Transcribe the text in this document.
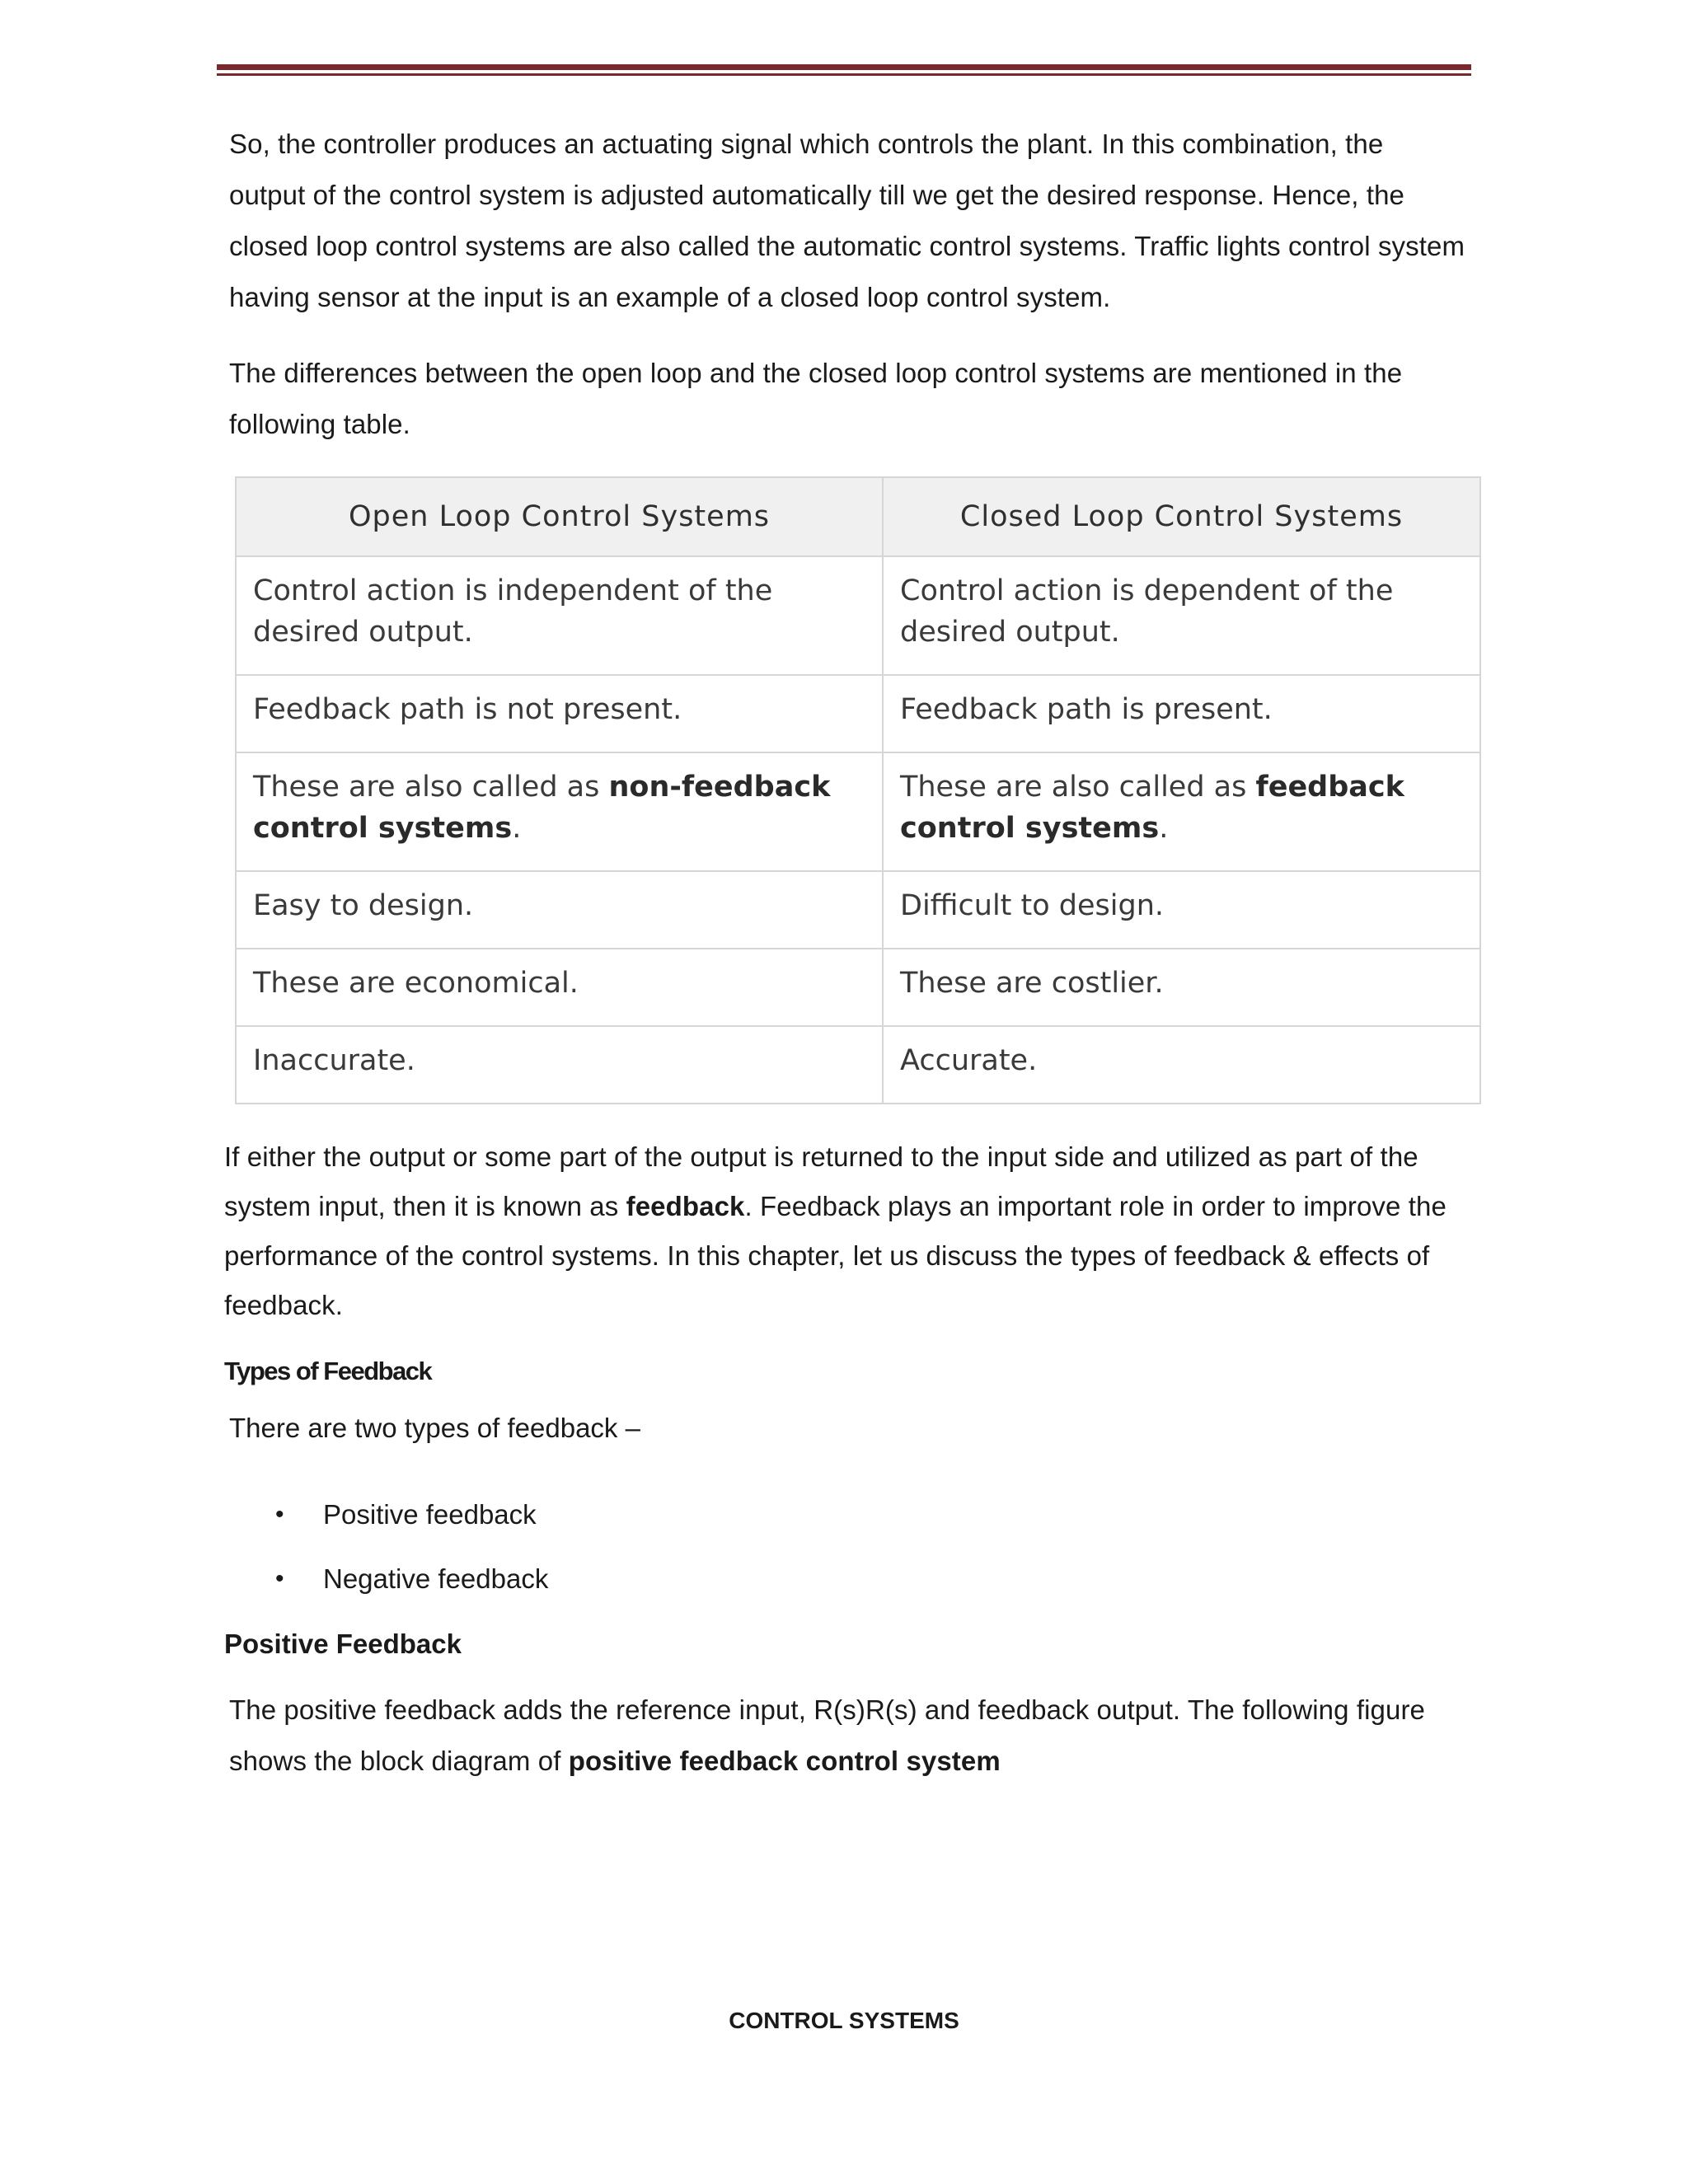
So, the controller produces an actuating signal which controls the plant. In this combination, the output of the control system is adjusted automatically till we get the desired response. Hence, the closed loop control systems are also called the automatic control systems. Traffic lights control system having sensor at the input is an example of a closed loop control system.

The differences between the open loop and the closed loop control systems are mentioned in the following table.

Open Loop Control Systems	Closed Loop Control Systems
Control action is independent of the desired output.	Control action is dependent of the desired output.
Feedback path is not present.	Feedback path is present.
These are also called as non-feedback control systems.	These are also called as feedback control systems.
Easy to design.	Difficult to design.
These are economical.	These are costlier.
Inaccurate.	Accurate.

If either the output or some part of the output is returned to the input side and utilized as part of the system input, then it is known as feedback. Feedback plays an important role in order to improve the performance of the control systems. In this chapter, let us discuss the types of feedback & effects of feedback.

Types of Feedback

There are two types of feedback –

• Positive feedback
• Negative feedback

Positive Feedback

The positive feedback adds the reference input, R(s)R(s) and feedback output. The following figure shows the block diagram of positive feedback control system

CONTROL SYSTEMS
